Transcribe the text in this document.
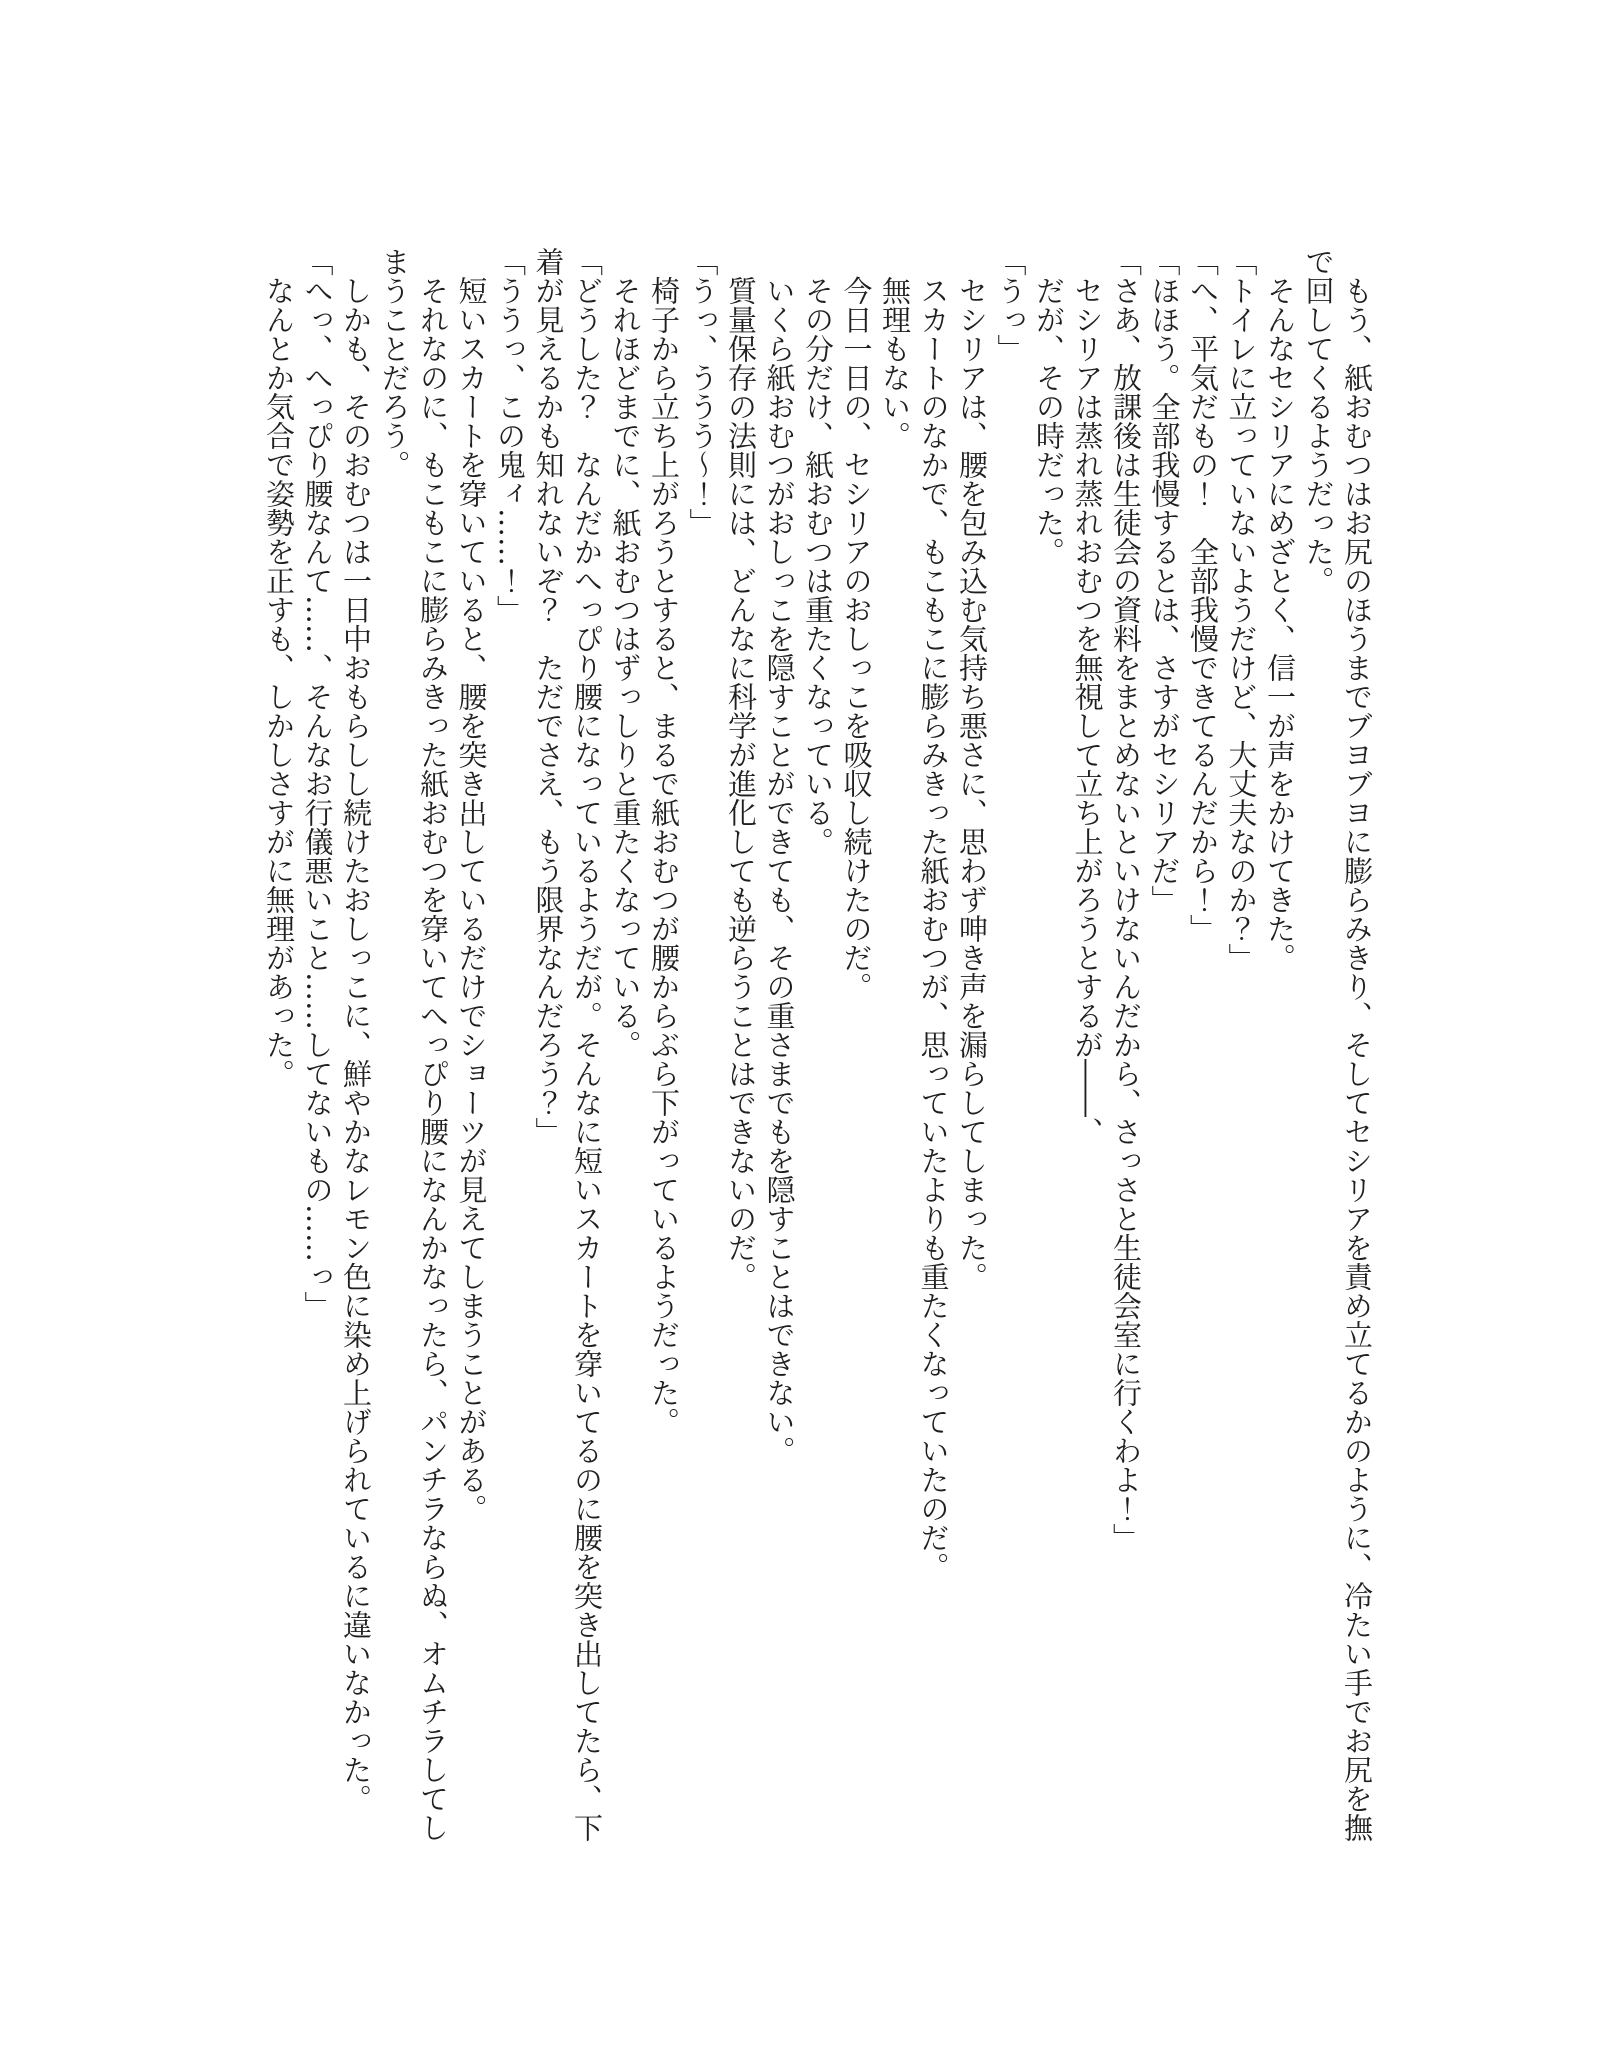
もう、紙おむつはお尻のほうまでブヨブヨに膨らみきり、そしてセシリアを責め立てるかのように、冷たい手でお尻を撫で回してくるようだった。

そんなセシリアにめざとく、信一が声をかけてきた。

「トイレに立っていないようだけど、大丈夫なのか？」

「へ、平気だもの！　全部我慢できてるんだから！」

「ほほう。全部我慢するとは、さすがセシリアだ」

「さあ、放課後は生徒会の資料をまとめないといけないんだから、さっさと生徒会室に行くわよ！」

セシリアは蒸れ蒸れおむつを無視して立ち上がろうとするが――、

だが、その時だった。

「うっ」

セシリアは、腰を包み込む気持ち悪さに、思わず呻き声を漏らしてしまった。

スカートのなかで、もこもこに膨らみきった紙おむつが、思っていたよりも重たくなっていたのだ。

無理もない。

今日一日の、セシリアのおしっこを吸収し続けたのだ。

その分だけ、紙おむつは重たくなっている。

いくら紙おむつがおしっこを隠すことができても、その重さまでもを隠すことはできない。

質量保存の法則には、どんなに科学が進化しても逆らうことはできないのだ。

「うっ、ううう～！」

椅子から立ち上がろうとすると、まるで紙おむつが腰からぶら下がっているようだった。

それほどまでに、紙おむつはずっしりと重たくなっている。

「どうした？　なんだかへっぴり腰になっているようだが。そんなに短いスカートを穿いてるのに腰を突き出してたら、下着が見えるかも知れないぞ？　ただでさえ、もう限界なんだろう？」

「ううっ、この鬼ィ……！」

短いスカートを穿いていると、腰を突き出しているだけでショーツが見えてしまうことがある。

それなのに、もこもこに膨らみきった紙おむつを穿いてへっぴり腰になんかなったら、パンチラならぬ、オムチラしてしまうことだろう。

しかも、そのおむつは一日中おもらしし続けたおしっこに、鮮やかなレモン色に染め上げられているに違いなかった。

「へっ、へっぴり腰なんて……、そんなお行儀悪いこと……してないもの……っ」

なんとか気合で姿勢を正すも、しかしさすがに無理があった。
